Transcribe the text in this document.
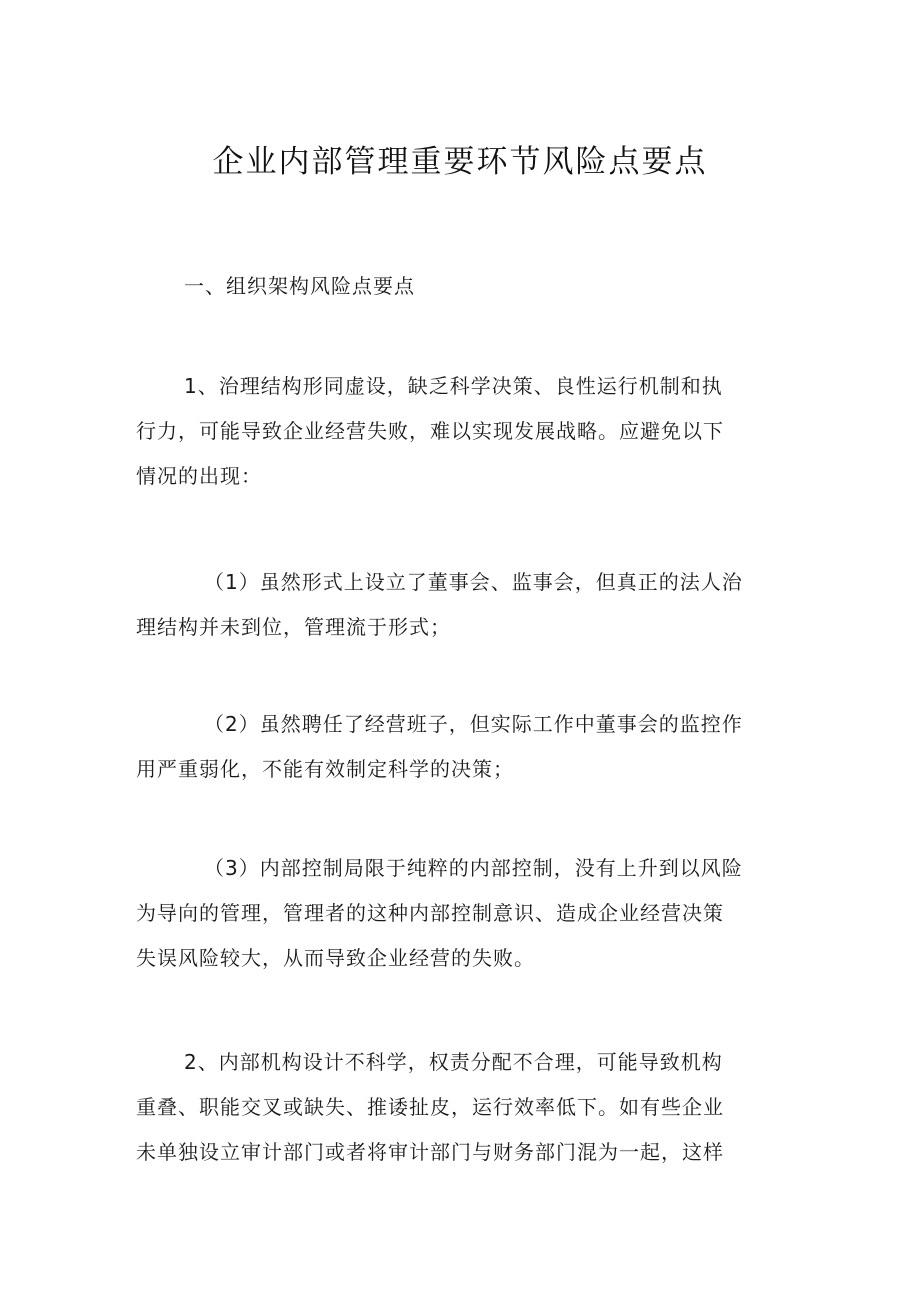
企业内部管理重要环节风险点要点
一、组织架构风险点要点
1、治理结构形同虚设，缺乏科学决策、良性运行机制和执
行力，可能导致企业经营失败，难以实现发展战略。应避免以下
情况的出现：
（1）虽然形式上设立了董事会、监事会，但真正的法人治
理结构并未到位，管理流于形式；
（2）虽然聘任了经营班子，但实际工作中董事会的监控作
用严重弱化，不能有效制定科学的决策；
（3）内部控制局限于纯粹的内部控制，没有上升到以风险
为导向的管理，管理者的这种内部控制意识、造成企业经营决策
失误风险较大，从而导致企业经营的失败。
2、内部机构设计不科学，权责分配不合理，可能导致机构
重叠、职能交叉或缺失、推诿扯皮，运行效率低下。如有些企业
未单独设立审计部门或者将审计部门与财务部门混为一起，这样
